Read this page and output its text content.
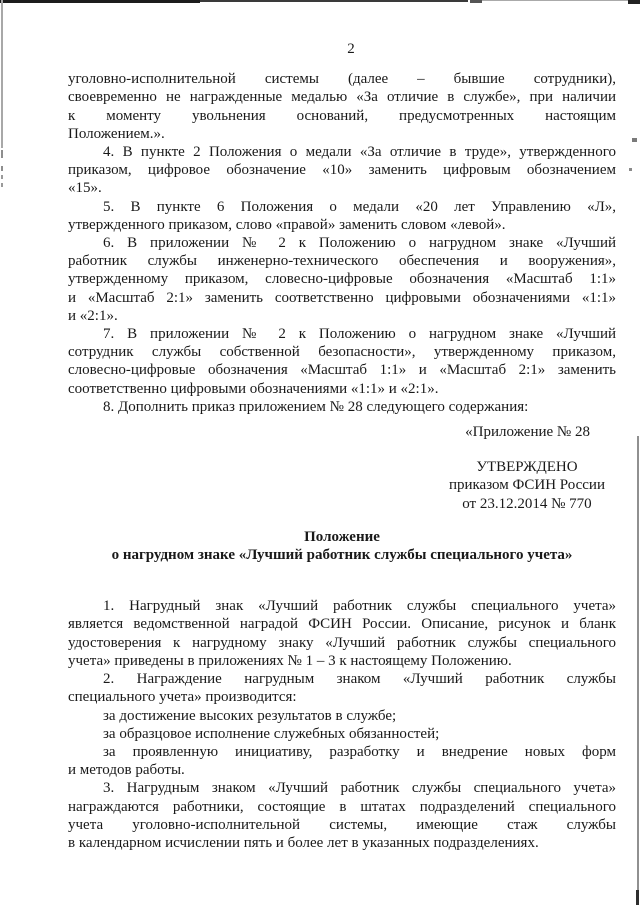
2
уголовно-исполнительной системы (далее – бывшие сотрудники),
своевременно не награжденные медалью «За отличие в службе», при наличии
к моменту увольнения оснований, предусмотренных настоящим
Положением.».
4. В пункте 2 Положения о медали «За отличие в труде», утвержденного
приказом, цифровое обозначение «10» заменить цифровым обозначением
«15».
5. В пункте 6 Положения о медали «20 лет Управлению «Л»,
утвержденного приказом, слово «правой» заменить словом «левой».
6. В приложении № 2 к Положению о нагрудном знаке «Лучший
работник службы инженерно-технического обеспечения и вооружения»,
утвержденному приказом, словесно-цифровые обозначения «Масштаб 1:1»
и «Масштаб 2:1» заменить соответственно цифровыми обозначениями «1:1»
и «2:1».
7. В приложении № 2 к Положению о нагрудном знаке «Лучший
сотрудник службы собственной безопасности», утвержденному приказом,
словесно-цифровые обозначения «Масштаб 1:1» и «Масштаб 2:1» заменить
соответственно цифровыми обозначениями «1:1» и «2:1».
8. Дополнить приказ приложением № 28 следующего содержания:
«Приложение № 28
УТВЕРЖДЕНО
приказом ФСИН России
от 23.12.2014 № 770
Положение
о нагрудном знаке «Лучший работник службы специального учета»
1. Нагрудный знак «Лучший работник службы специального учета»
является ведомственной наградой ФСИН России. Описание, рисунок и бланк
удостоверения к нагрудному знаку «Лучший работник службы специального
учета» приведены в приложениях № 1 – 3 к настоящему Положению.
2. Награждение нагрудным знаком «Лучший работник службы
специального учета» производится:
за достижение высоких результатов в службе;
за образцовое исполнение служебных обязанностей;
за проявленную инициативу, разработку и внедрение новых форм
и методов работы.
3. Нагрудным знаком «Лучший работник службы специального учета»
награждаются работники, состоящие в штатах подразделений специального
учета уголовно-исполнительной системы, имеющие стаж службы
в календарном исчислении пять и более лет в указанных подразделениях.
